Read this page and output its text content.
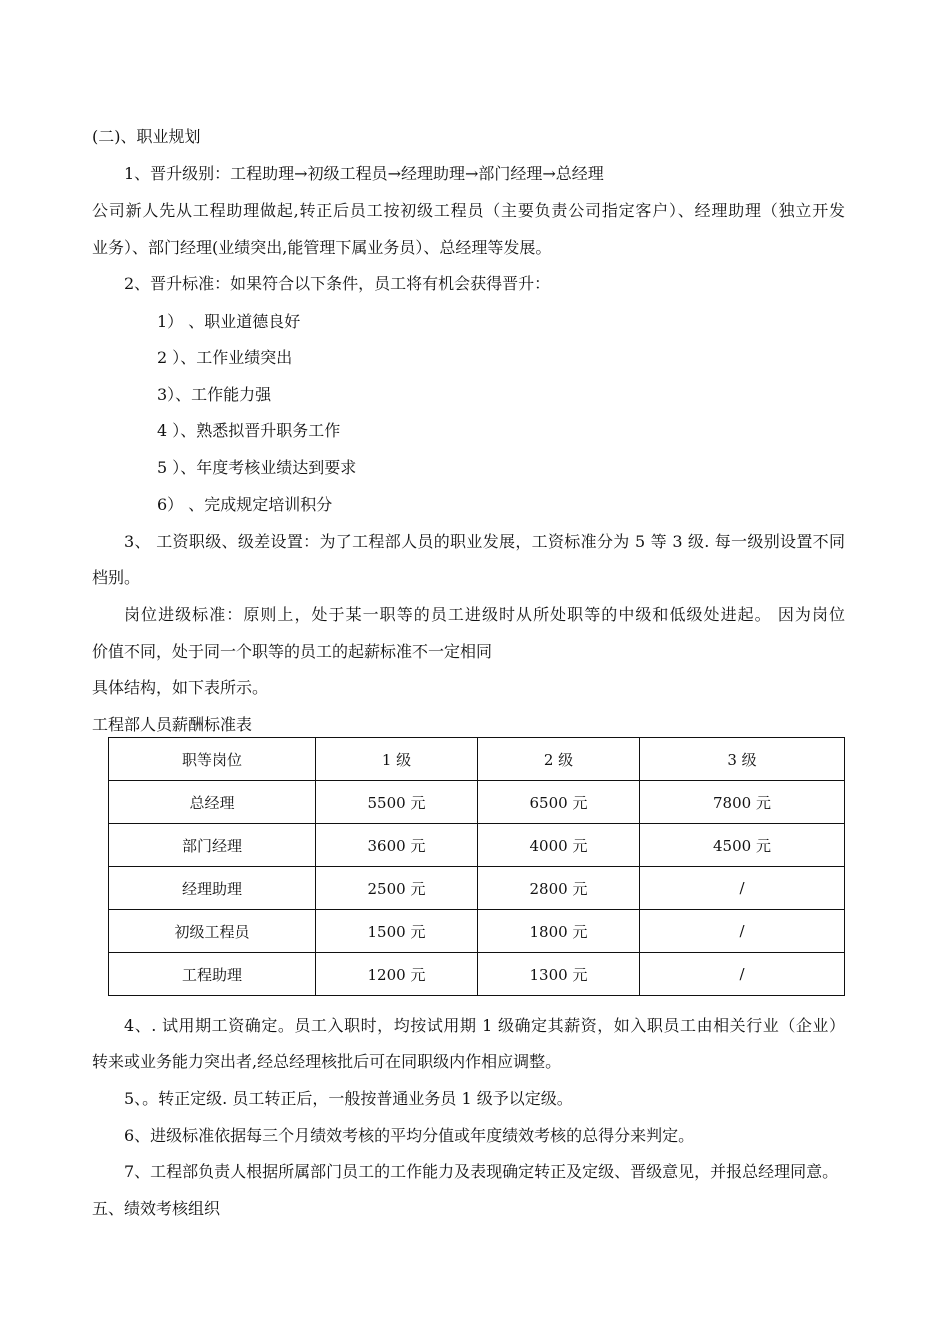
(二)、职业规划
1、晋升级别：工程助理→初级工程员→经理助理→部门经理→总经理
公司新人先从工程助理做起,转正后员工按初级工程员（主要负责公司指定客户）、经理助理（独立开发
业务）、部门经理(业绩突出,能管理下属业务员）、总经理等发展。
2、晋升标准：如果符合以下条件，员工将有机会获得晋升：
1） 、职业道德良好
2 ）、工作业绩突出
3）、工作能力强
4 ）、熟悉拟晋升职务工作
5 ）、年度考核业绩达到要求
6） 、完成规定培训积分
3、 工资职级、级差设置：为了工程部人员的职业发展，工资标准分为 5 等 3 级. 每一级别设置不同
档别。
岗位进级标准：原则上，处于某一职等的员工进级时从所处职等的中级和低级处进起。 因为岗位
价值不同，处于同一个职等的员工的起薪标准不一定相同
具体结构，如下表所示。
工程部人员薪酬标准表
职等岗位	1 级	2 级	3 级
总经理	5500 元	6500 元	7800 元
部门经理	3600 元	4000 元	4500 元
经理助理	2500 元	2800 元	/
初级工程员	1500 元	1800 元	/
工程助理	1200 元	1300 元	/
4、. 试用期工资确定。员工入职时，均按试用期 1 级确定其薪资，如入职员工由相关行业（企业）
转来或业务能力突出者,经总经理核批后可在同职级内作相应调整。
5、。转正定级. 员工转正后，一般按普通业务员 1 级予以定级。
6、进级标准依据每三个月绩效考核的平均分值或年度绩效考核的总得分来判定。
7、工程部负责人根据所属部门员工的工作能力及表现确定转正及定级、晋级意见，并报总经理同意。
五、绩效考核组织
